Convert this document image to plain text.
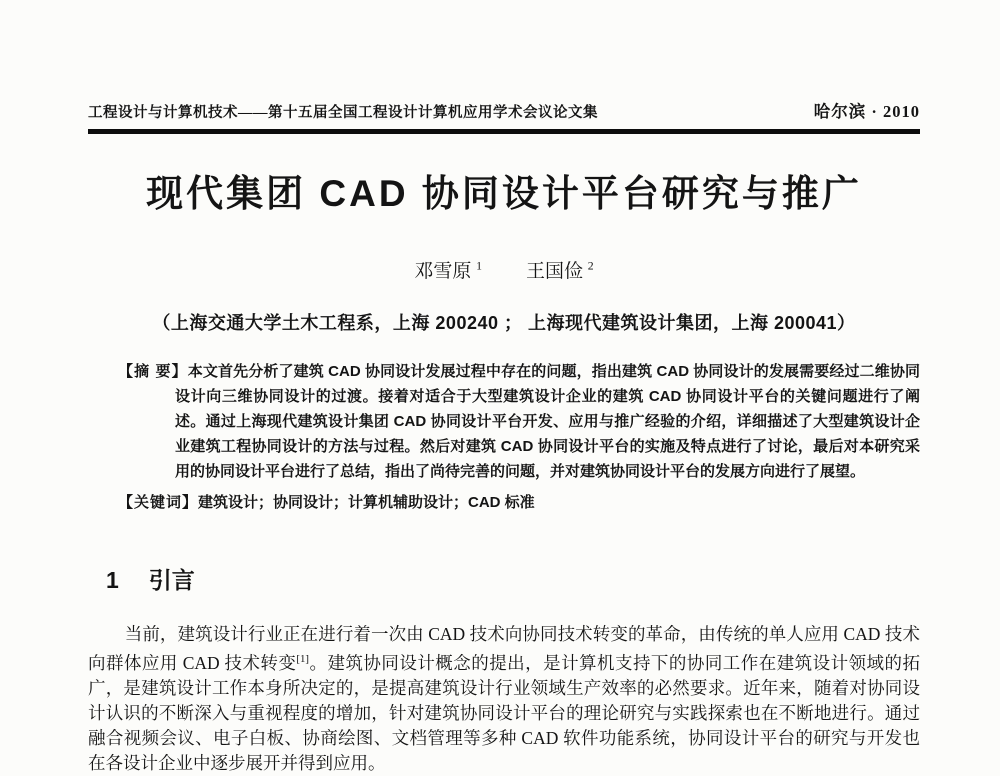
工程设计与计算机技术——第十五届全国工程设计计算机应用学术会议论文集	哈尔滨 · 2010
现代集团 CAD 协同设计平台研究与推广
邓雪原 $^1$ 王国俭 $^2$
（上海交通大学土木工程系，上海 200240 ； 上海现代建筑设计集团，上海 200041）
【摘 要】本文首先分析了建筑 CAD 协同设计发展过程中存在的问题，指出建筑 CAD 协同设计的发展需要经过二维协同设计向三维协同设计的过渡。接着对适合于大型建筑设计企业的建筑 CAD 协同设计平台的关键问题进行了阐述。通过上海现代建筑设计集团 CAD 协同设计平台开发、应用与推广经验的介绍，详细描述了大型建筑设计企业建筑工程协同设计的方法与过程。然后对建筑 CAD 协同设计平台的实施及特点进行了讨论，最后对本研究采用的协同设计平台进行了总结，指出了尚待完善的问题，并对建筑协同设计平台的发展方向进行了展望。
【关键词】建筑设计；协同设计；计算机辅助设计；CAD 标准
1 引言

当前，建筑设计行业正在进行着一次由 CAD 技术向协同技术转变的革命，由传统的单人应用 CAD 技术向群体应用 CAD 技术转变[1]。建筑协同设计概念的提出，是计算机支持下的协同工作在建筑设计领域的拓广，是建筑设计工作本身所决定的，是提高建筑设计行业领域生产效率的必然要求。近年来，随着对协同设计认识的不断深入与重视程度的增加，针对建筑协同设计平台的理论研究与实践探索也在不断地进行。通过融合视频会议、电子白板、协商绘图、文档管理等多种 CAD 软件功能系统，协同设计平台的研究与开发也在各设计企业中逐步展开并得到应用。
